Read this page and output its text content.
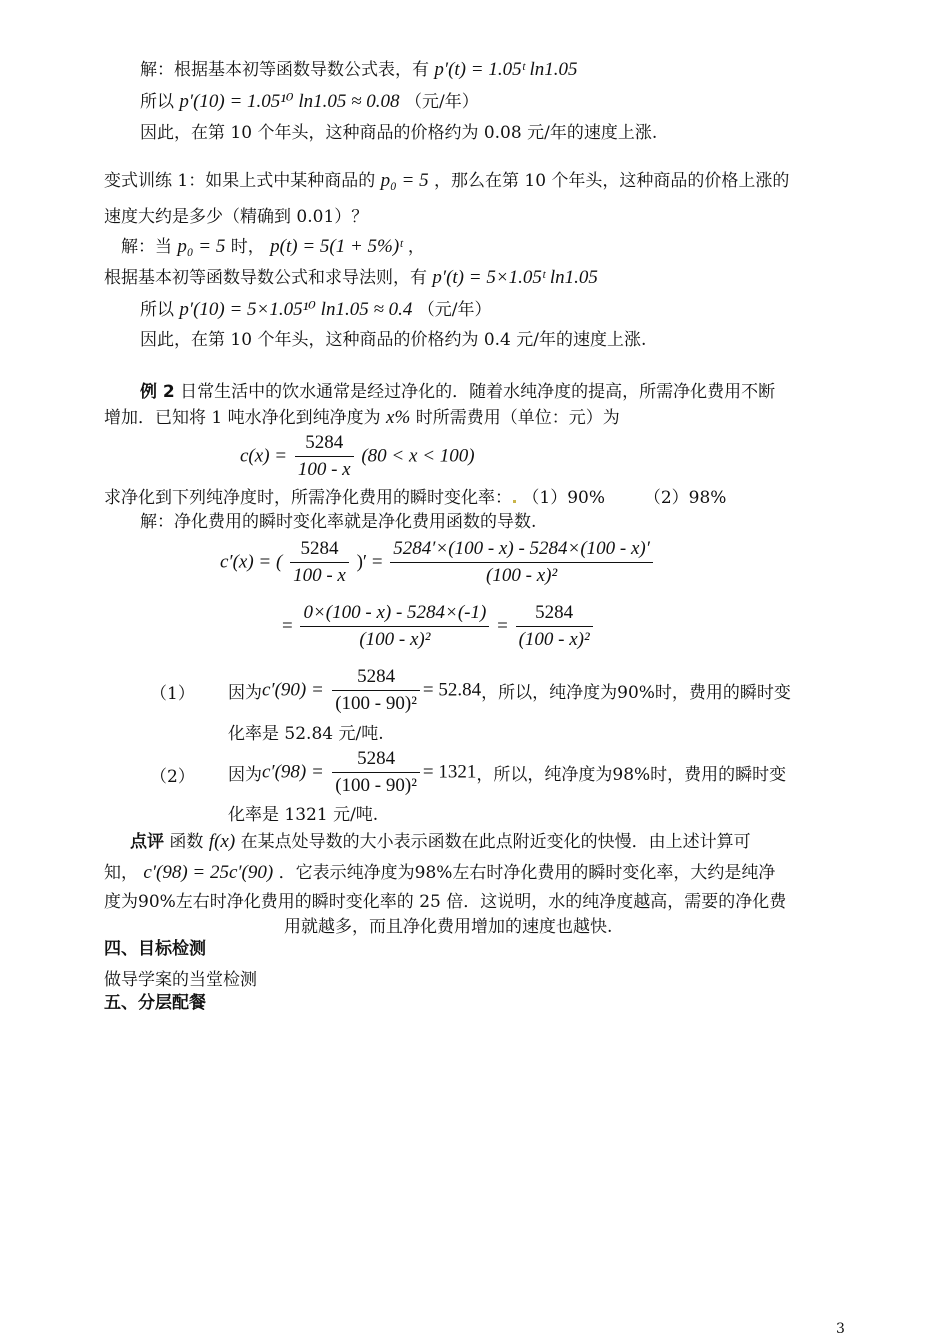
解：根据基本初等函数导数公式表，有 p′(t) = 1.05ᵗ ln1.05
所以 p′(10) = 1.05¹⁰ ln1.05 ≈ 0.08 （元/年）
因此，在第 10 个年头，这种商品的价格约为 0.08 元/年的速度上涨.
变式训练 1：如果上式中某种商品的 p₀ = 5 ，那么在第 10 个年头，这种商品的价格上涨的
速度大约是多少（精确到 0.01）？
解：当 p₀ = 5 时， p(t) = 5(1 + 5%)ᵗ ，
根据基本初等函数导数公式和求导法则，有 p′(t) = 5×1.05ᵗ ln1.05
所以 p′(10) = 5×1.05¹⁰ ln1.05 ≈ 0.4 （元/年）
因此，在第 10 个年头，这种商品的价格约为 0.4 元/年的速度上涨.
例 2 日常生活中的饮水通常是经过净化的．随着水纯净度的提高，所需净化费用不断
增加．已知将 1 吨水净化到纯净度为 x% 时所需费用（单位：元）为
$c(x) = \frac{5284}{100 - x} (80 < x < 100)$
求净化到下列纯净度时，所需净化费用的瞬时变化率： （1）90% （2）98%
解：净化费用的瞬时变化率就是净化费用函数的导数.
c′(x) = ( $\frac{5284}{100 - x}$ )′ = $\frac{5284'\times(100 - x) - 5284\times(100 - x)'}{\text{(100 - x)²}}$
= $\frac{0\times(100 - x) - 5284\times(-1)}{\text{(100 - x)²}} = \frac{5284}{\text{(100 - x)²}}$
（1） 因为$c'(90) = \frac{5284}{\text{(100 - 90)²}} = 52.84$，所以，纯净度为90%时，费用的瞬时变
化率是 52.84 元/吨.
（2） 因为$c'(98) = \frac{5284}{\text{(100 - 90)²}} = 1321$，所以，纯净度为98%时，费用的瞬时变
化率是 1321 元/吨.
点评 函数 f(x) 在某点处导数的大小表示函数在此点附近变化的快慢．由上述计算可
知， c′(98) = 25c′(90) ．它表示纯净度为98%左右时净化费用的瞬时变化率，大约是纯净
度为90%左右时净化费用的瞬时变化率的 25 倍．这说明，水的纯净度越高，需要的净化费
用就越多，而且净化费用增加的速度也越快.
四、目标检测
做导学案的当堂检测
五、分层配餐
3
